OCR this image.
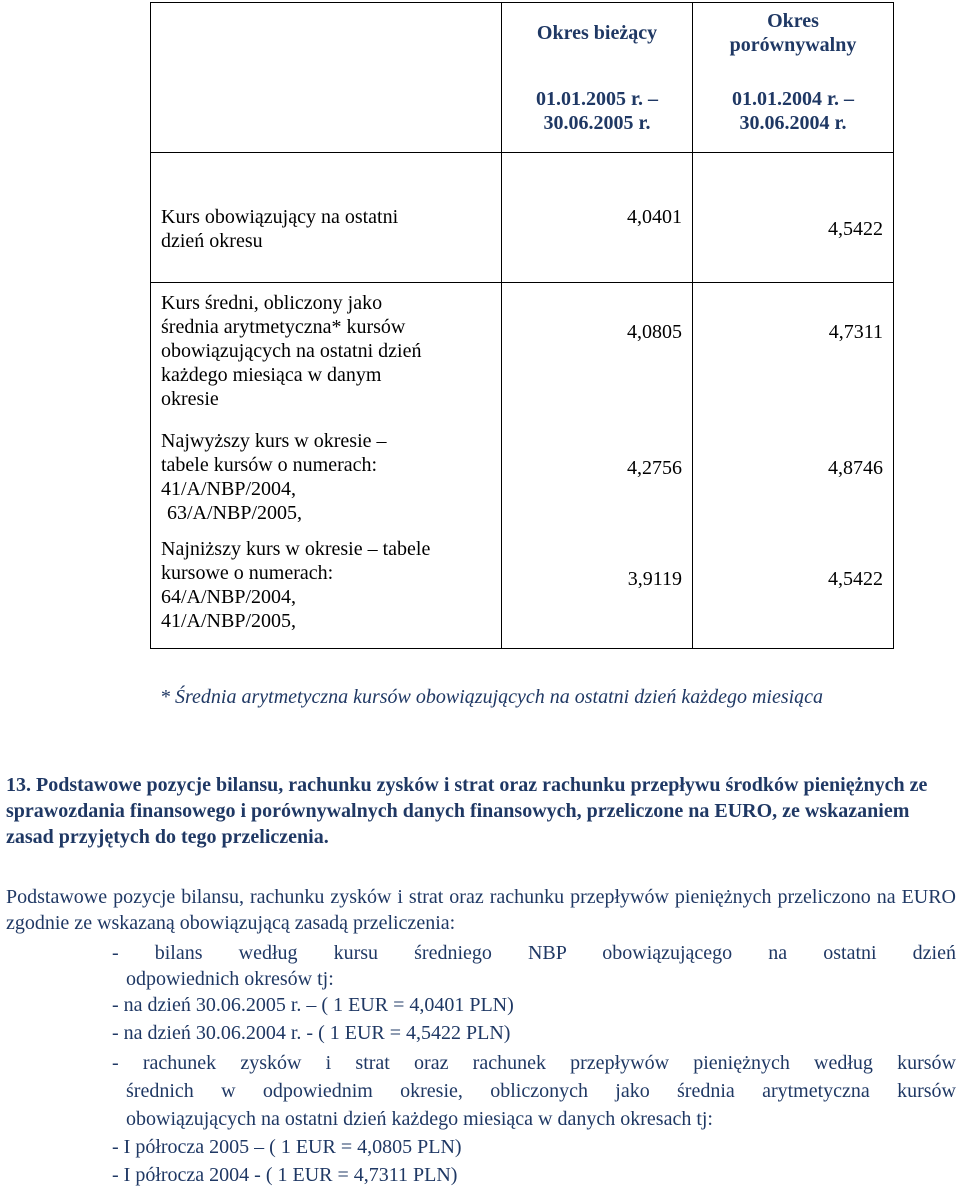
	Okres bieżący
01.01.2005 r. –
30.06.2005 r.	Okres
porównywalny
01.01.2004 r. –
30.06.2004 r.

Kurs obowiązujący na ostatni
dzień okresu	4,0401	4,5422

Kurs średni, obliczony jako
średnia arytmetyczna* kursów
obowiązujących na ostatni dzień
każdego miesiąca w danym
okresie	4,0805	4,7311

Najwyższy kurs w okresie –
tabele kursów o numerach:
41/A/NBP/2004,
63/A/NBP/2005,	4,2756	4,8746

Najniższy kurs w okresie – tabele
kursowe o numerach:
64/A/NBP/2004,
41/A/NBP/2005,	3,9119	4,5422
* Średnia arytmetyczna kursów obowiązujących na ostatni dzień każdego miesiąca
13. Podstawowe pozycje bilansu, rachunku zysków i strat oraz rachunku przepływu środków pieniężnych ze sprawozdania finansowego i porównywalnych danych finansowych, przeliczone na EURO, ze wskazaniem zasad przyjętych do tego przeliczenia.
Podstawowe pozycje bilansu, rachunku zysków i strat oraz rachunku przepływów pieniężnych przeliczono na EURO zgodnie ze wskazaną obowiązującą zasadą przeliczenia:
- bilans według kursu średniego NBP obowiązującego na ostatni dzień
odpowiednich okresów tj:
- na dzień 30.06.2005 r. – ( 1 EUR = 4,0401 PLN)
- na dzień 30.06.2004 r. - ( 1 EUR = 4,5422 PLN)
- rachunek zysków i strat oraz rachunek przepływów pieniężnych według kursów
średnich w odpowiednim okresie, obliczonych jako średnia arytmetyczna kursów
obowiązujących na ostatni dzień każdego miesiąca w danych okresach tj:
- I półrocza 2005 – ( 1 EUR = 4,0805 PLN)
- I półrocza 2004 - ( 1 EUR = 4,7311 PLN)
